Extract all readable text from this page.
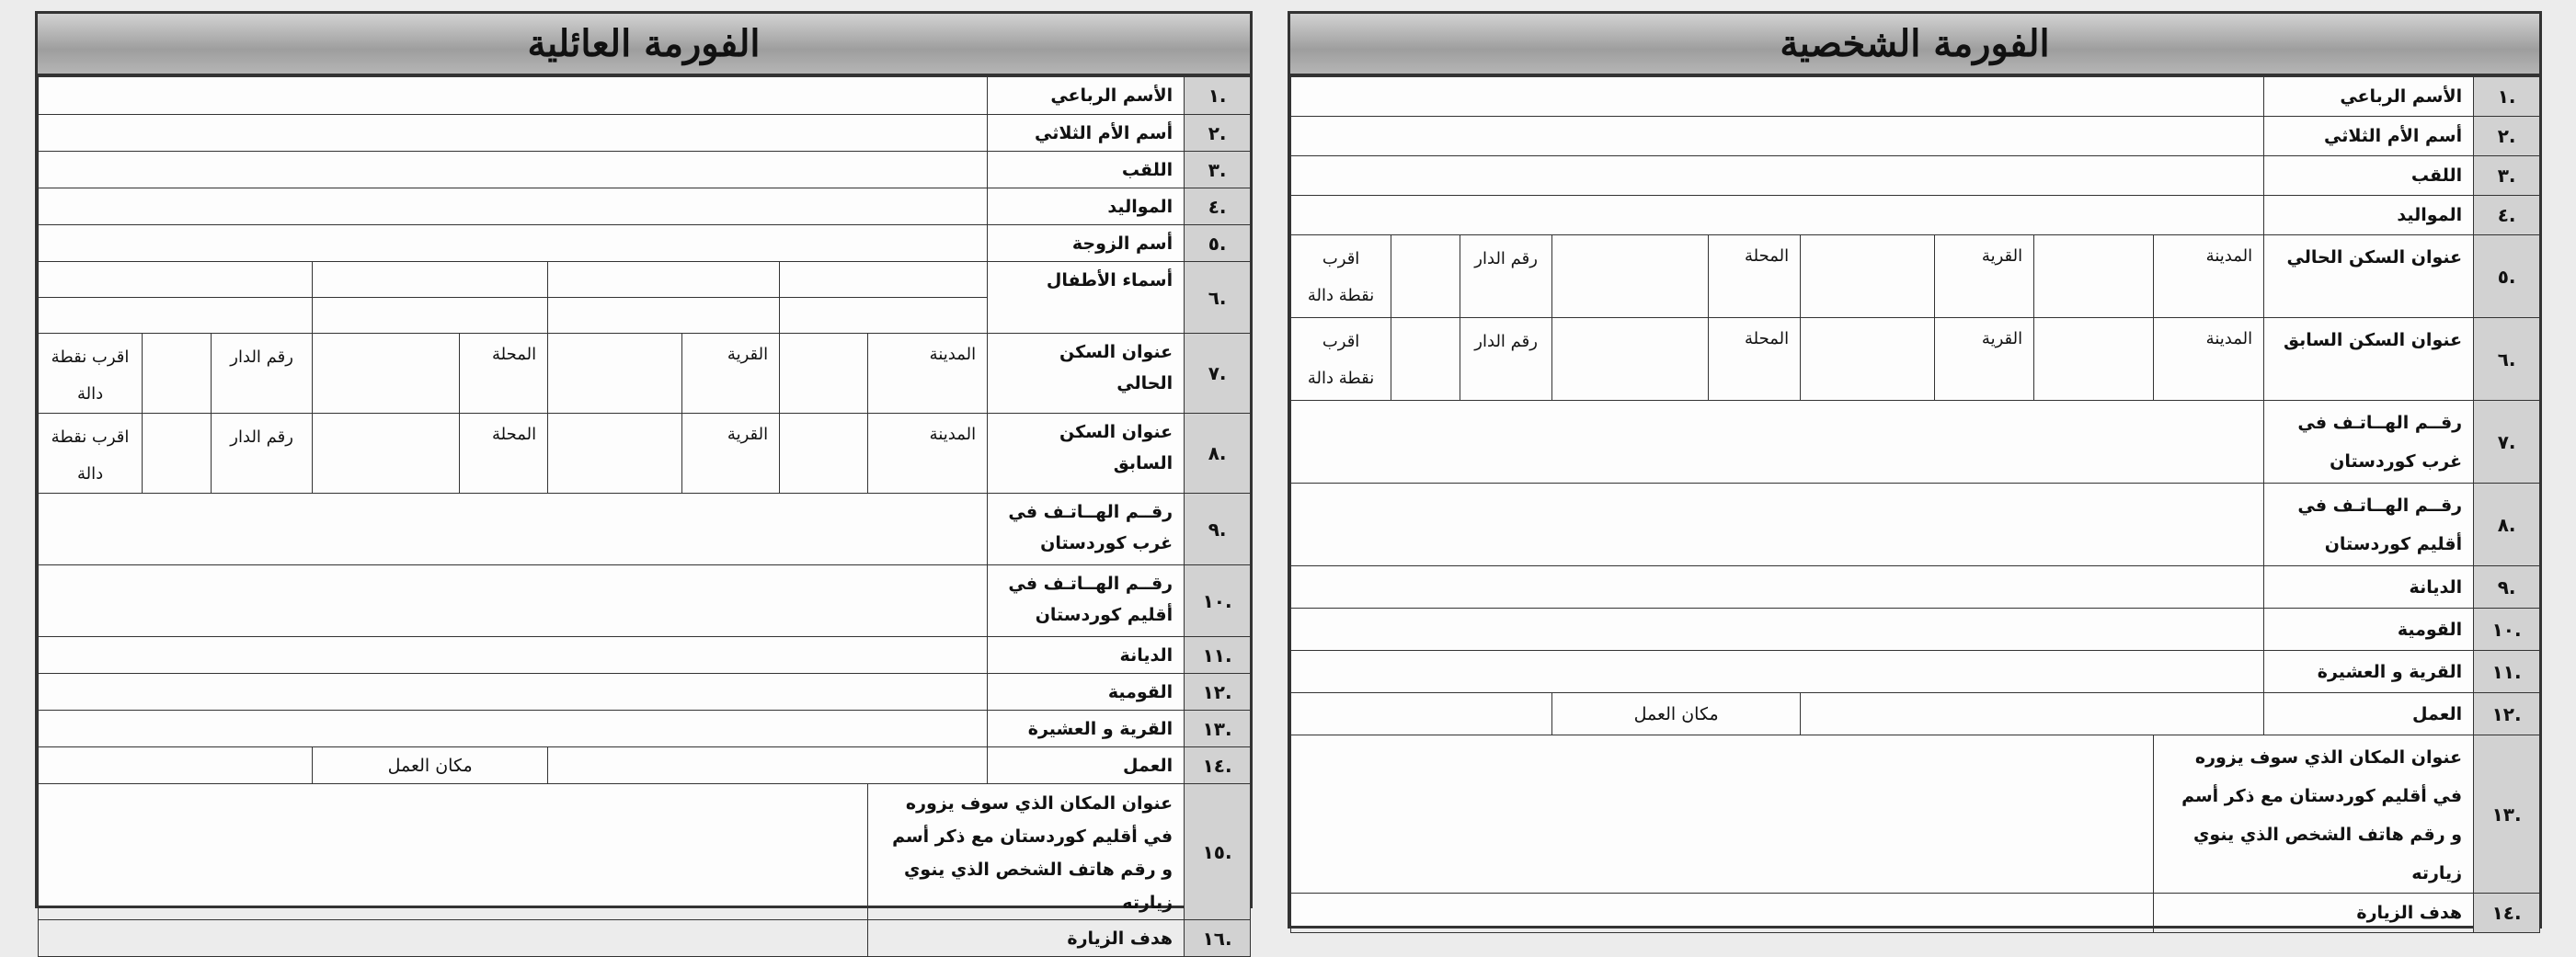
الفورمة العائلية
.١	الأسم الرباعي									
.٢	أسم الأم الثلاثي									
.٣	اللقب									
.٤	المواليد									
.٥	أسم الزوجة									
.٦	أسماء الأطفال									

.٧	عنوان السكن الحالي	المدينة		القرية		المحلة		رقم الدار		اقرب نقطة دالة
.٨	عنوان السكن السابق	المدينة		القرية		المحلة		رقم الدار		اقرب نقطة دالة
.٩	رقــم الهــاتـف في غرب كوردستان									
.١٠	رقــم الهــاتـف في أقليم كوردستان									
.١١	الديانة									
.١٢	القومية									
.١٣	القرية و العشيرة									
.١٤	العمل					مكان العمل				
.١٥	عنوان المكان الذي سوف يزوره في أقليم كوردستان مع ذكر أسم و رقم هاتف الشخص الذي ينوي زيارته									
.١٦	هدف الزيارة									
الفورمة الشخصية
.١	الأسم الرباعي									
.٢	أسم الأم الثلاثي									
.٣	اللقب									
.٤	المواليد									
.٥	عنوان السكن الحالي	المدينة		القرية		المحلة		رقم الدار		اقرب نقطة دالة
.٦	عنوان السكن السابق	المدينة		القرية		المحلة		رقم الدار		اقرب نقطة دالة
.٧	رقــم الهــاتـف في غرب كوردستان									
.٨	رقــم الهــاتـف في أقليم كوردستان									
.٩	الديانة									
.١٠	القومية									
.١١	القرية و العشيرة									
.١٢	العمل					مكان العمل				
.١٣	عنوان المكان الذي سوف يزوره في أقليم كوردستان مع ذكر أسم و رقم هاتف الشخص الذي ينوي زيارته									
.١٤	هدف الزيارة									
